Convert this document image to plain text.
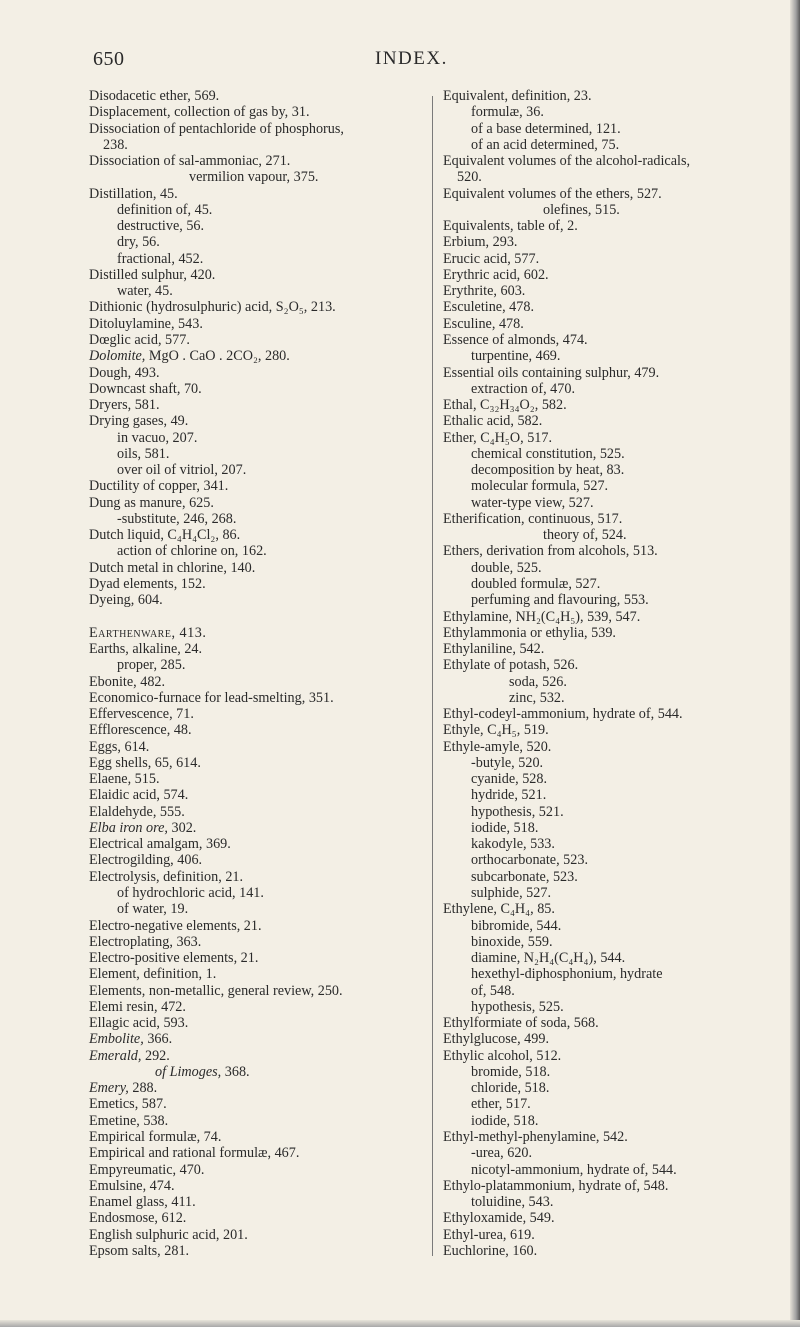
650	INDEX.
Disodacetic ether, 569.
Displacement, collection of gas by, 31.
Dissociation of pentachloride of phosphorus,
238.
Dissociation of sal-ammoniac, 271.
vermilion vapour, 375.
Distillation, 45.
definition of, 45.
destructive, 56.
dry, 56.
fractional, 452.
Distilled sulphur, 420.
water, 45.
Dithionic (hydrosulphuric) acid, S₂O₅, 213.
Ditoluylamine, 543.
Dœglic acid, 577.
Dolomite, MgO . CaO . 2CO₂, 280.
Dough, 493.
Downcast shaft, 70.
Dryers, 581.
Drying gases, 49.
in vacuo, 207.
oils, 581.
over oil of vitriol, 207.
Ductility of copper, 341.
Dung as manure, 625.
-substitute, 246, 268.
Dutch liquid, C₄H₄Cl₂, 86.
action of chlorine on, 162.
Dutch metal in chlorine, 140.
Dyad elements, 152.
Dyeing, 604.

Earthenware, 413.
Earths, alkaline, 24.
proper, 285.
Ebonite, 482.
Economico-furnace for lead-smelting, 351.
Effervescence, 71.
Efflorescence, 48.
Eggs, 614.
Egg shells, 65, 614.
Elaene, 515.
Elaidic acid, 574.
Elaldehyde, 555.
Elba iron ore, 302.
Electrical amalgam, 369.
Electrogilding, 406.
Electrolysis, definition, 21.
of hydrochloric acid, 141.
of water, 19.
Electro-negative elements, 21.
Electroplating, 363.
Electro-positive elements, 21.
Element, definition, 1.
Elements, non-metallic, general review, 250.
Elemi resin, 472.
Ellagic acid, 593.
Embolite, 366.
Emerald, 292.
of Limoges, 368.
Emery, 288.
Emetics, 587.
Emetine, 538.
Empirical formulæ, 74.
Empirical and rational formulæ, 467.
Empyreumatic, 470.
Emulsine, 474.
Enamel glass, 411.
Endosmose, 612.
English sulphuric acid, 201.
Epsom salts, 281.
Equivalent, definition, 23.
formulæ, 36.
of a base determined, 121.
of an acid determined, 75.
Equivalent volumes of the alcohol-radicals,
520.
Equivalent volumes of the ethers, 527.
olefines, 515.
Equivalents, table of, 2.
Erbium, 293.
Erucic acid, 577.
Erythric acid, 602.
Erythrite, 603.
Esculetine, 478.
Esculine, 478.
Essence of almonds, 474.
turpentine, 469.
Essential oils containing sulphur, 479.
extraction of, 470.
Ethal, C₃₂H₃₄O₂, 582.
Ethalic acid, 582.
Ether, C₄H₅O, 517.
chemical constitution, 525.
decomposition by heat, 83.
molecular formula, 527.
water-type view, 527.
Etherification, continuous, 517.
theory of, 524.
Ethers, derivation from alcohols, 513.
double, 525.
doubled formulæ, 527.
perfuming and flavouring, 553.
Ethylamine, NH₂(C₄H₅), 539, 547.
Ethylammonia or ethylia, 539.
Ethylaniline, 542.
Ethylate of potash, 526.
soda, 526.
zinc, 532.
Ethyl-codeyl-ammonium, hydrate of, 544.
Ethyle, C₄H₅, 519.
Ethyle-amyle, 520.
-butyle, 520.
cyanide, 528.
hydride, 521.
hypothesis, 521.
iodide, 518.
kakodyle, 533.
orthocarbonate, 523.
subcarbonate, 523.
sulphide, 527.
Ethylene, C₄H₄, 85.
bibromide, 544.
binoxide, 559.
diamine, N₂H₄(C₄H₄), 544.
hexethyl-diphosphonium, hydrate
of, 548.
hypothesis, 525.
Ethylformiate of soda, 568.
Ethylglucose, 499.
Ethylic alcohol, 512.
bromide, 518.
chloride, 518.
ether, 517.
iodide, 518.
Ethyl-methyl-phenylamine, 542.
-urea, 620.
nicotyl-ammonium, hydrate of, 544.
Ethylo-platammonium, hydrate of, 548.
toluidine, 543.
Ethyloxamide, 549.
Ethyl-urea, 619.
Euchlorine, 160.
